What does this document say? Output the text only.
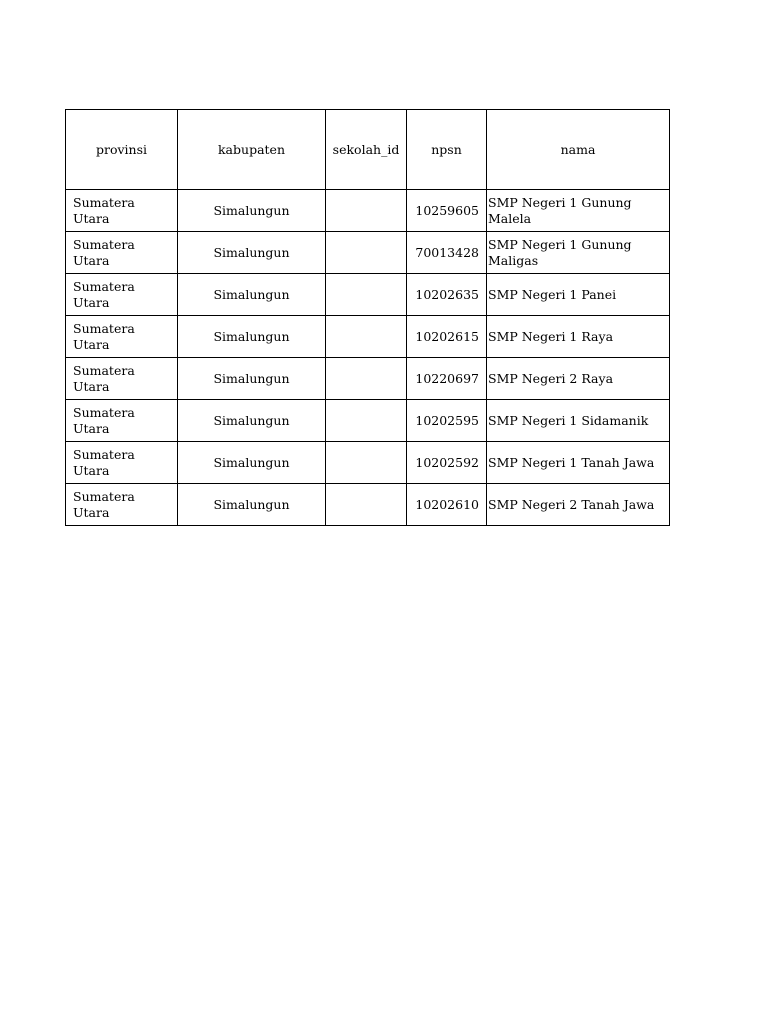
provinsi	kabupaten	sekolah_id	npsn	nama
Sumatera Utara	Simalungun		10259605	SMP Negeri 1 Gunung Malela
Sumatera Utara	Simalungun		70013428	SMP Negeri 1 Gunung Maligas
Sumatera Utara	Simalungun		10202635	SMP Negeri 1 Panei
Sumatera Utara	Simalungun		10202615	SMP Negeri 1 Raya
Sumatera Utara	Simalungun		10220697	SMP Negeri 2 Raya
Sumatera Utara	Simalungun		10202595	SMP Negeri 1 Sidamanik
Sumatera Utara	Simalungun		10202592	SMP Negeri 1 Tanah Jawa
Sumatera Utara	Simalungun		10202610	SMP Negeri 2 Tanah Jawa
